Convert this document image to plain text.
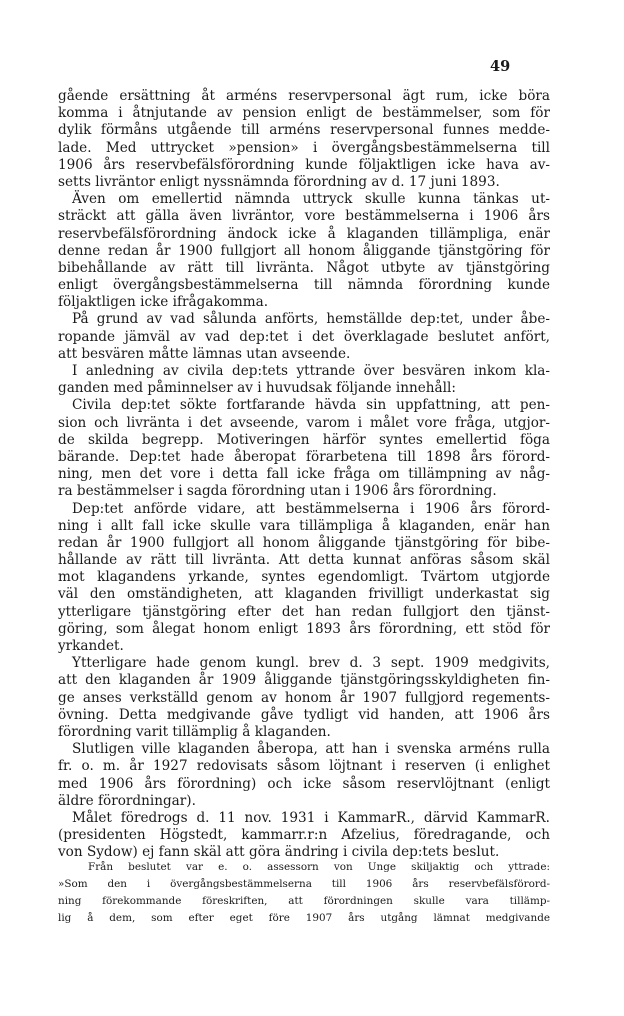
49
gående ersättning åt arméns reservpersonal ägt rum, icke böra
komma i åtnjutande av pension enligt de bestämmelser, som för
dylik förmåns utgående till arméns reservpersonal funnes medde-
lade. Med uttrycket »pension» i övergångsbestämmelserna till
1906 års reservbefälsförordning kunde följaktligen icke hava av-
setts livräntor enligt nyssnämnda förordning av d. 17 juni 1893.
Även om emellertid nämnda uttryck skulle kunna tänkas ut-
sträckt att gälla även livräntor, vore bestämmelserna i 1906 års
reservbefälsförordning ändock icke å klaganden tillämpliga, enär
denne redan år 1900 fullgjort all honom åliggande tjänstgöring för
bibehållande av rätt till livränta. Något utbyte av tjänstgöring
enligt övergångsbestämmelserna till nämnda förordning kunde
följaktligen icke ifrågakomma.
På grund av vad sålunda anförts, hemställde dep:tet, under åbe-
ropande jämväl av vad dep:tet i det överklagade beslutet anfört,
att besvären måtte lämnas utan avseende.
I anledning av civila dep:tets yttrande över besvären inkom kla-
ganden med påminnelser av i huvudsak följande innehåll:
Civila dep:tet sökte fortfarande hävda sin uppfattning, att pen-
sion och livränta i det avseende, varom i målet vore fråga, utgjor-
de skilda begrepp. Motiveringen härför syntes emellertid föga
bärande. Dep:tet hade åberopat förarbetena till 1898 års förord-
ning, men det vore i detta fall icke fråga om tillämpning av någ-
ra bestämmelser i sagda förordning utan i 1906 års förordning.
Dep:tet anförde vidare, att bestämmelserna i 1906 års förord-
ning i allt fall icke skulle vara tillämpliga å klaganden, enär han
redan år 1900 fullgjort all honom åliggande tjänstgöring för bibe-
hållande av rätt till livränta. Att detta kunnat anföras såsom skäl
mot klagandens yrkande, syntes egendomligt. Tvärtom utgjorde
väl den omständigheten, att klaganden frivilligt underkastat sig
ytterligare tjänstgöring efter det han redan fullgjort den tjänst-
göring, som ålegat honom enligt 1893 års förordning, ett stöd för
yrkandet.
Ytterligare hade genom kungl. brev d. 3 sept. 1909 medgivits,
att den klaganden år 1909 åliggande tjänstgöringsskyldigheten fin-
ge anses verkställd genom av honom år 1907 fullgjord regements-
övning. Detta medgivande gåve tydligt vid handen, att 1906 års
förordning varit tillämplig å klaganden.
Slutligen ville klaganden åberopa, att han i svenska arméns rulla
fr. o. m. år 1927 redovisats såsom löjtnant i reserven (i enlighet
med 1906 års förordning) och icke såsom reservlöjtnant (enligt
äldre förordningar).
Målet föredrogs d. 11 nov. 1931 i KammarR., därvid KammarR.
(presidenten Högstedt, kammarr.r:n Afzelius, föredragande, och
von Sydow) ej fann skäl att göra ändring i civila dep:tets beslut.
Från beslutet var e. o. assessorn von Unge skiljaktig och yttrade:
»Som den i övergångsbestämmelserna till 1906 års reservbefälsförord-
ning förekommande föreskriften, att förordningen skulle vara tillämp-
lig å dem, som efter eget före 1907 års utgång lämnat medgivande
